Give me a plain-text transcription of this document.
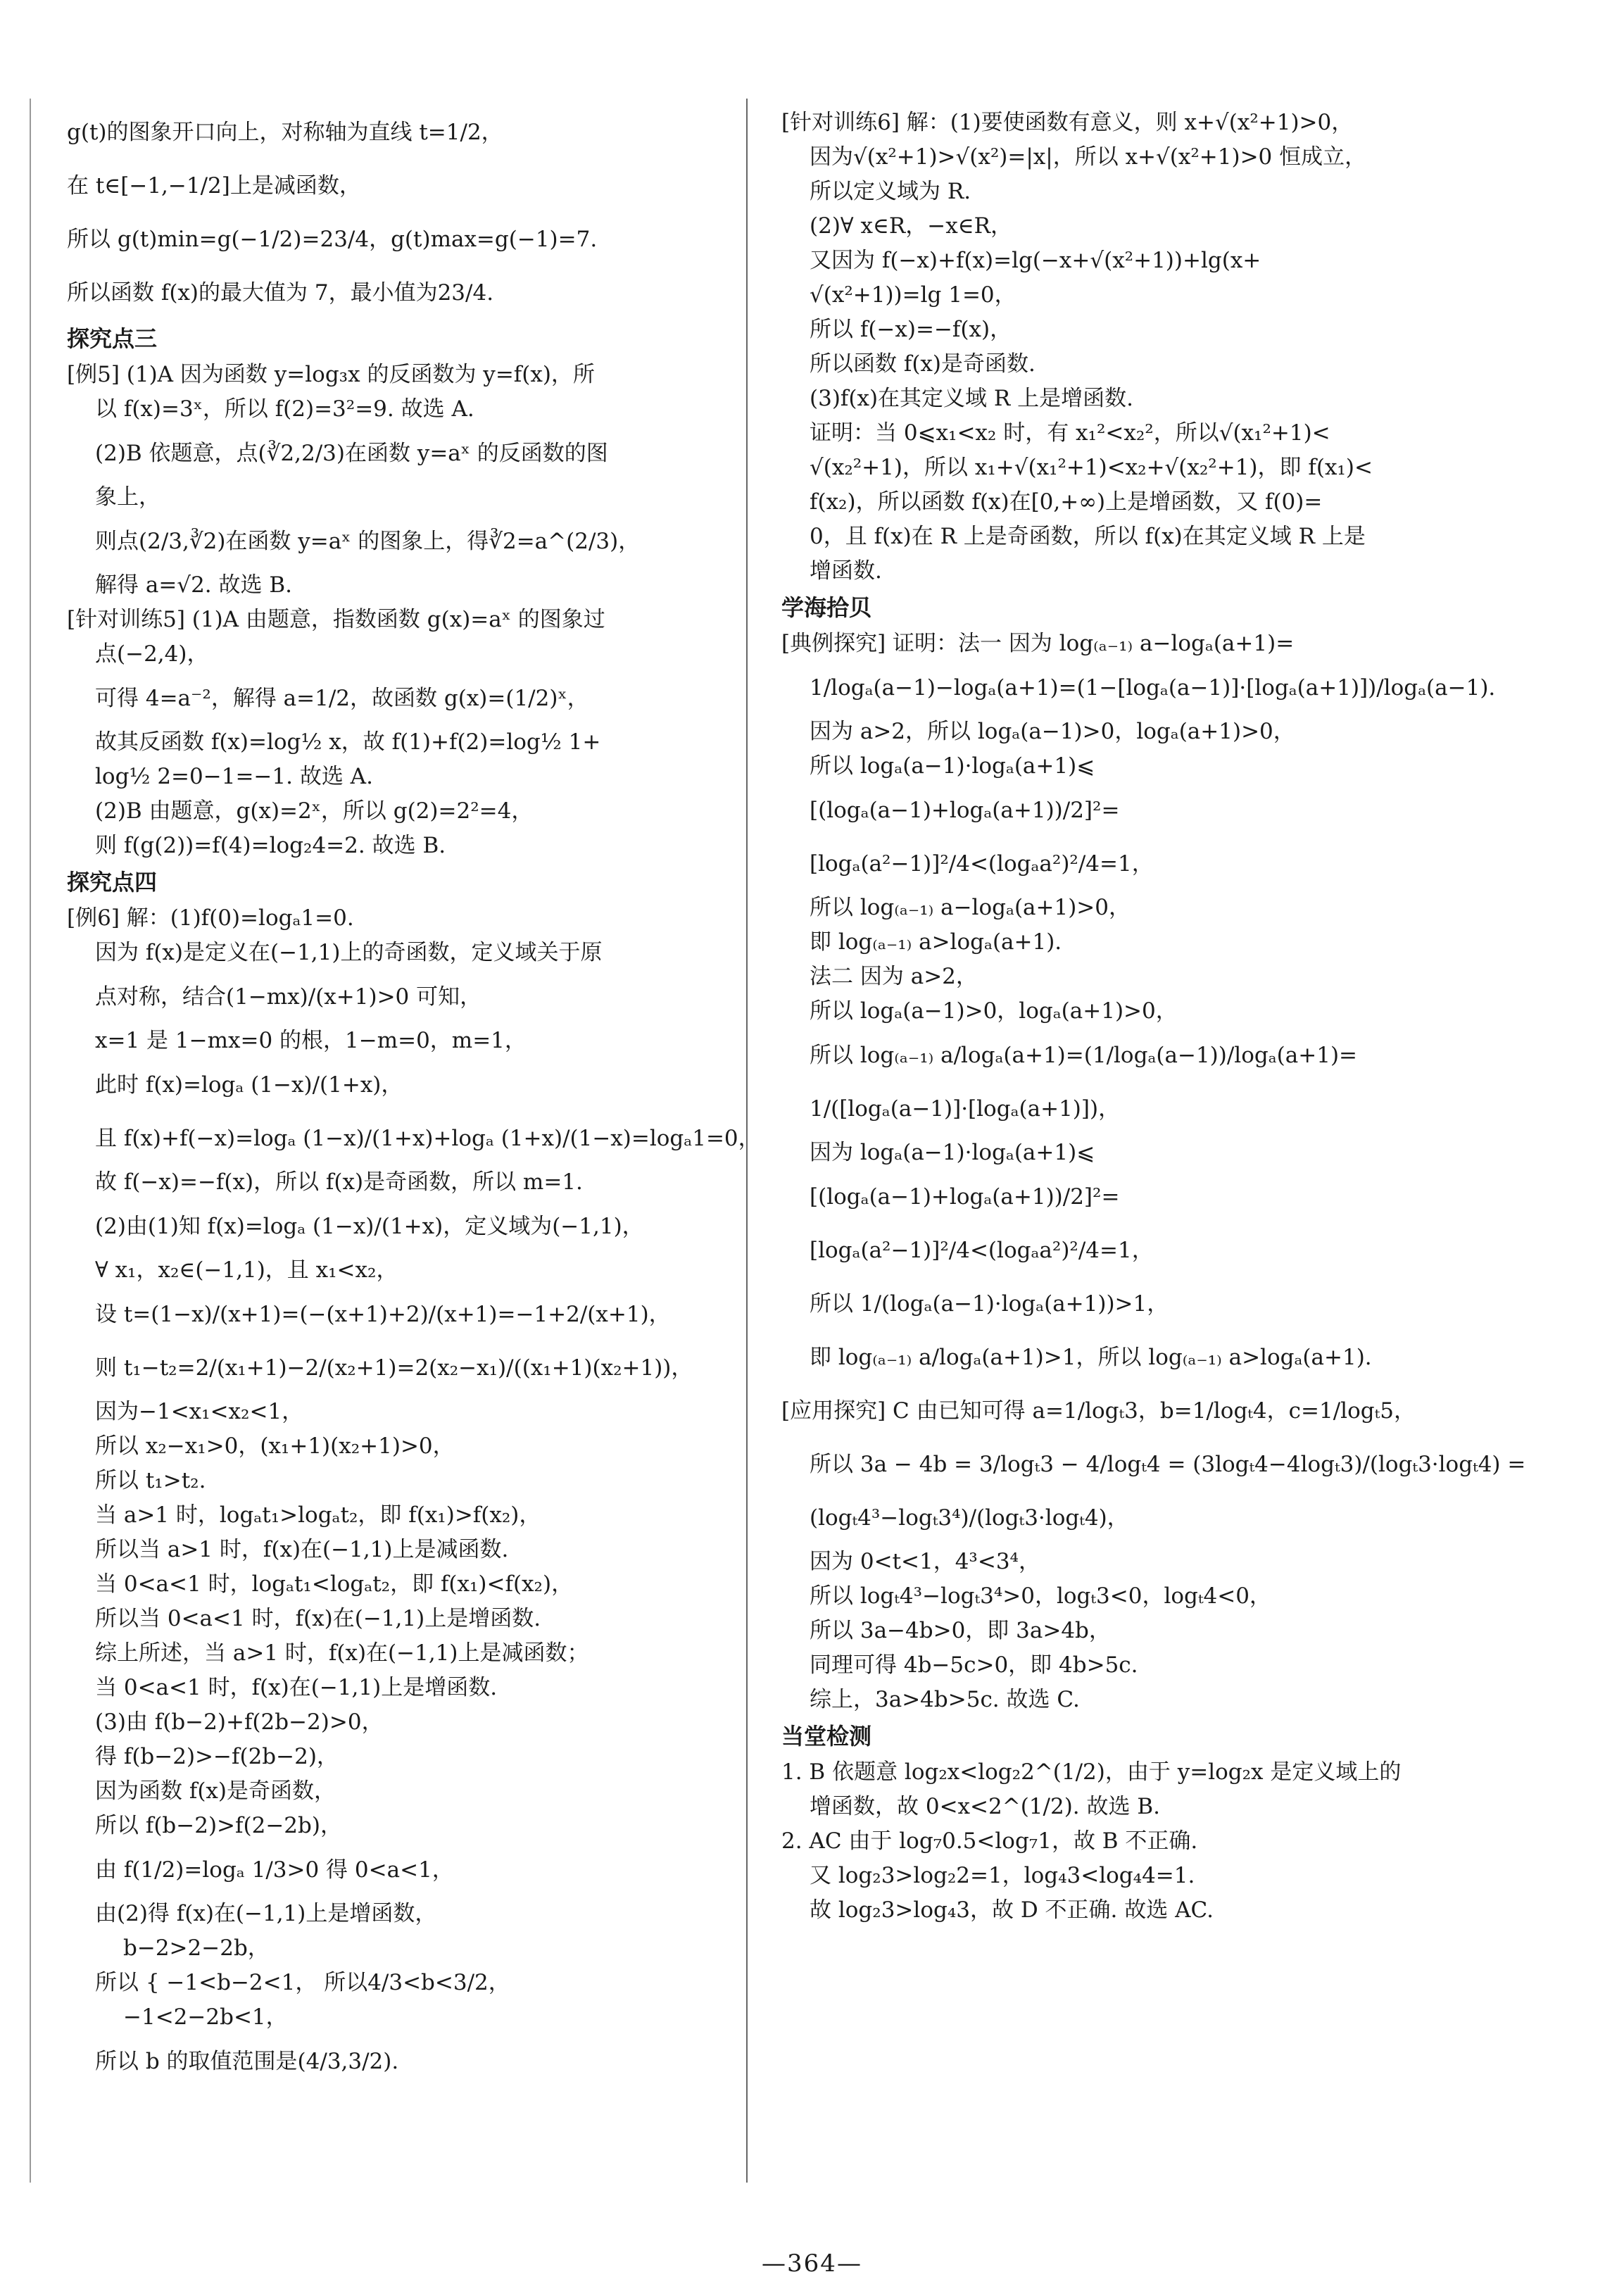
g(t)的图象开口向上，对称轴为直线 t=1/2，
在 t∈[−1,−1/2]上是减函数，
所以 g(t)min=g(−1/2)=23/4，g(t)max=g(−1)=7.
所以函数 f(x)的最大值为 7，最小值为23/4.
探究点三
[例5] (1)A 因为函数 y=log₃x 的反函数为 y=f(x)，所
以 f(x)=3ˣ，所以 f(2)=3²=9. 故选 A.
(2)B 依题意，点(∛2,2/3)在函数 y=aˣ 的反函数的图
象上，
则点(2/3,∛2)在函数 y=aˣ 的图象上，得∛2=a^(2/3)，
解得 a=√2. 故选 B.
[针对训练5] (1)A 由题意，指数函数 g(x)=aˣ 的图象过
点(−2,4)，
可得 4=a⁻²，解得 a=1/2，故函数 g(x)=(1/2)ˣ，
故其反函数 f(x)=log½ x，故 f(1)+f(2)=log½ 1+
log½ 2=0−1=−1. 故选 A.
(2)B 由题意，g(x)=2ˣ，所以 g(2)=2²=4，
则 f(g(2))=f(4)=log₂4=2. 故选 B.
探究点四
[例6] 解：(1)f(0)=logₐ1=0.
因为 f(x)是定义在(−1,1)上的奇函数，定义域关于原
点对称，结合(1−mx)/(x+1)>0 可知，
x=1 是 1−mx=0 的根，1−m=0，m=1，
此时 f(x)=logₐ (1−x)/(1+x)，
且 f(x)+f(−x)=logₐ (1−x)/(1+x)+logₐ (1+x)/(1−x)=logₐ1=0，
故 f(−x)=−f(x)，所以 f(x)是奇函数，所以 m=1.
(2)由(1)知 f(x)=logₐ (1−x)/(1+x)，定义域为(−1,1)，
∀ x₁，x₂∈(−1,1)，且 x₁<x₂，
设 t=(1−x)/(x+1)=(−(x+1)+2)/(x+1)=−1+2/(x+1)，
则 t₁−t₂=2/(x₁+1)−2/(x₂+1)=2(x₂−x₁)/((x₁+1)(x₂+1))，
因为−1<x₁<x₂<1，
所以 x₂−x₁>0，(x₁+1)(x₂+1)>0，
所以 t₁>t₂.
当 a>1 时，logₐt₁>logₐt₂，即 f(x₁)>f(x₂)，
所以当 a>1 时，f(x)在(−1,1)上是减函数.
当 0<a<1 时，logₐt₁<logₐt₂，即 f(x₁)<f(x₂)，
所以当 0<a<1 时，f(x)在(−1,1)上是增函数.
综上所述，当 a>1 时，f(x)在(−1,1)上是减函数；
当 0<a<1 时，f(x)在(−1,1)上是增函数.
(3)由 f(b−2)+f(2b−2)>0，
得 f(b−2)>−f(2b−2)，
因为函数 f(x)是奇函数，
所以 f(b−2)>f(2−2b)，
由 f(1/2)=logₐ 1/3>0 得 0<a<1，
由(2)得 f(x)在(−1,1)上是增函数，
b−2>2−2b，
所以 { −1<b−2<1， 所以4/3<b<3/2，
−1<2−2b<1，
所以 b 的取值范围是(4/3,3/2).
[针对训练6] 解：(1)要使函数有意义，则 x+√(x²+1)>0，
因为√(x²+1)>√(x²)=|x|，所以 x+√(x²+1)>0 恒成立，
所以定义域为 R.
(2)∀ x∈R，−x∈R，
又因为 f(−x)+f(x)=lg(−x+√(x²+1))+lg(x+
√(x²+1))=lg 1=0，
所以 f(−x)=−f(x)，
所以函数 f(x)是奇函数.
(3)f(x)在其定义域 R 上是增函数.
证明：当 0⩽x₁<x₂ 时，有 x₁²<x₂²，所以√(x₁²+1)<
√(x₂²+1)，所以 x₁+√(x₁²+1)<x₂+√(x₂²+1)，即 f(x₁)<
f(x₂)，所以函数 f(x)在[0,+∞)上是增函数，又 f(0)=
0，且 f(x)在 R 上是奇函数，所以 f(x)在其定义域 R 上是
增函数.
学海拾贝
[典例探究] 证明：法一 因为 log₍ₐ₋₁₎ a−logₐ(a+1)=
1/logₐ(a−1)−logₐ(a+1)=(1−[logₐ(a−1)]·[logₐ(a+1)])/logₐ(a−1).
因为 a>2，所以 logₐ(a−1)>0，logₐ(a+1)>0，
所以 logₐ(a−1)·logₐ(a+1)⩽
[(logₐ(a−1)+logₐ(a+1))/2]²=
[logₐ(a²−1)]²/4<(logₐa²)²/4=1，
所以 log₍ₐ₋₁₎ a−logₐ(a+1)>0，
即 log₍ₐ₋₁₎ a>logₐ(a+1).
法二 因为 a>2，
所以 logₐ(a−1)>0，logₐ(a+1)>0，
所以 log₍ₐ₋₁₎ a/logₐ(a+1)=(1/logₐ(a−1))/logₐ(a+1)=
1/([logₐ(a−1)]·[logₐ(a+1)])，
因为 logₐ(a−1)·logₐ(a+1)⩽
[(logₐ(a−1)+logₐ(a+1))/2]²=
[logₐ(a²−1)]²/4<(logₐa²)²/4=1，
所以 1/(logₐ(a−1)·logₐ(a+1))>1，
即 log₍ₐ₋₁₎ a/logₐ(a+1)>1，所以 log₍ₐ₋₁₎ a>logₐ(a+1).
[应用探究] C 由已知可得 a=1/logₜ3，b=1/logₜ4，c=1/logₜ5，
所以 3a − 4b = 3/logₜ3 − 4/logₜ4 = (3logₜ4−4logₜ3)/(logₜ3·logₜ4) =
(logₜ4³−logₜ3⁴)/(logₜ3·logₜ4)，
因为 0<t<1，4³<3⁴，
所以 logₜ4³−logₜ3⁴>0，logₜ3<0，logₜ4<0，
所以 3a−4b>0，即 3a>4b，
同理可得 4b−5c>0，即 4b>5c.
综上，3a>4b>5c. 故选 C.
当堂检测
1. B 依题意 log₂x<log₂2^(1/2)，由于 y=log₂x 是定义域上的
增函数，故 0<x<2^(1/2). 故选 B.
2. AC 由于 log₇0.5<log₇1，故 B 不正确.
又 log₂3>log₂2=1，log₄3<log₄4=1.
故 log₂3>log₄3，故 D 不正确. 故选 AC.
—364—
